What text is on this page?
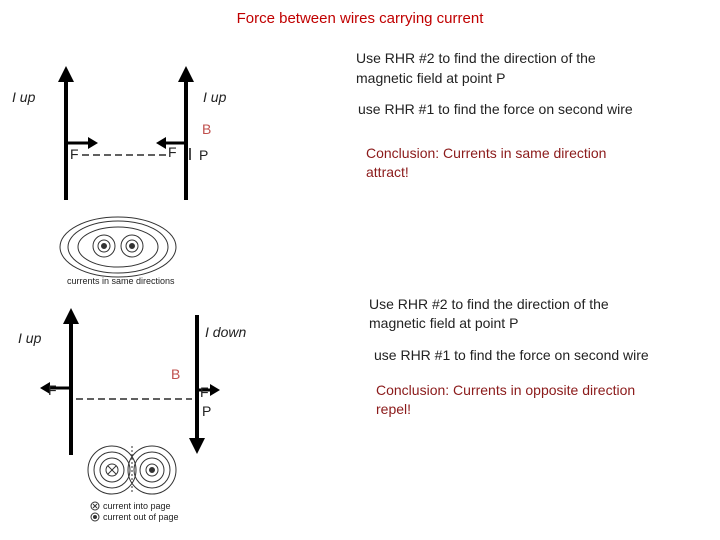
Force between wires carrying current
I up	I up
B
F	F P
Use RHR #2 to find the direction of the
magnetic field at point P
use RHR #1 to find the force on second wire
Conclusion: Currents in same direction
attract!
currents in same directions
I up	I down
B
F	F
P
Use RHR #2 to find the direction of the
magnetic field at point P
use RHR #1 to find the force on second wire
Conclusion: Currents in opposite direction
repel!
current into page
current out of page
